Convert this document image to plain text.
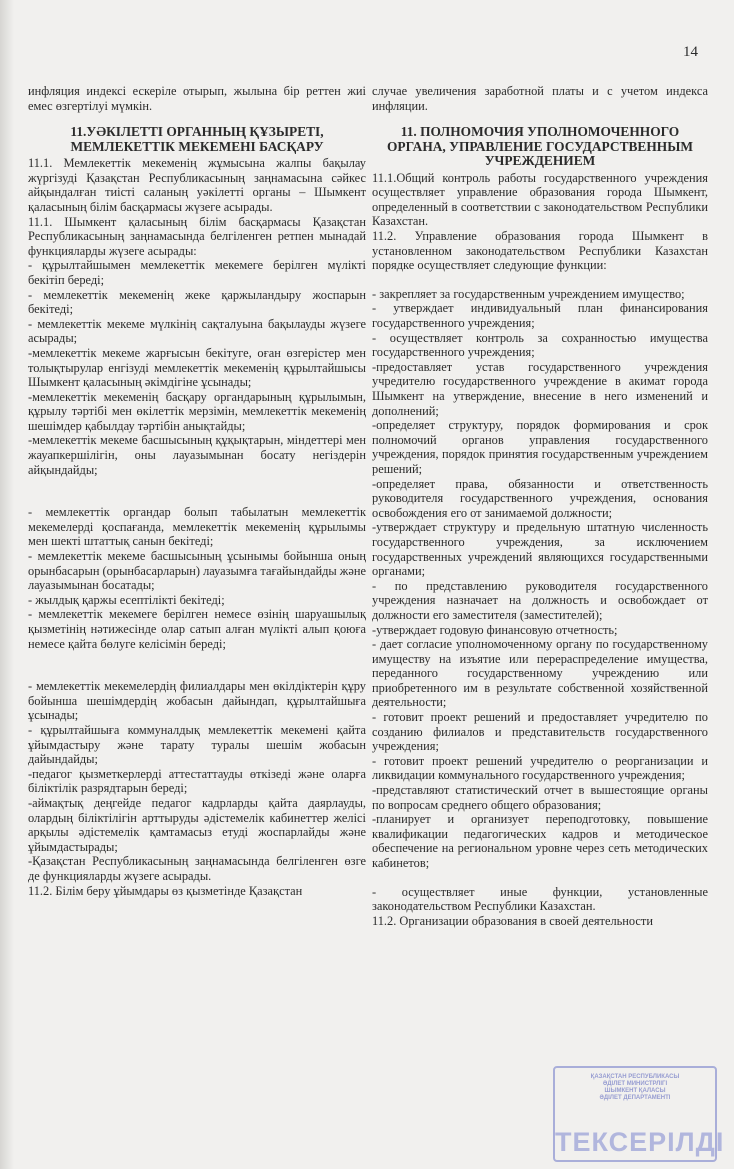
14

инфляция индексі ескеріле отырып, жылына бір реттен жиі емес өзгертілуі мүмкін.

11.УӘКІЛЕТТІ ОРГАННЫҢ ҚҰЗЫРЕТІ,
МЕМЛЕКЕТТІК МЕКЕМЕНІ БАСҚАРУ

11.1. Мемлекеттік мекеменің жұмысына жалпы бақылау жүргізуді Қазақстан Республикасының заңнамасына сәйкес айқындалған тиісті саланың уәкілетті органы – Шымкент қаласының білім басқармасы жүзеге асырады.

11.1. Шымкент қаласының білім басқармасы Қазақстан Республикасының заңнамасында белгіленген ретпен мынадай функцияларды жүзеге асырады:

- құрылтайшымен мемлекеттік мекемеге берілген мүлікті бекітіп береді;

- мемлекеттік мекеменің жеке қаржыландыру жоспарын бекітеді;

- мемлекеттік мекеме мүлкінің сақталуына бақылауды жүзеге асырады;

-мемлекеттік мекеме жарғысын бекітуге, оған өзгерістер мен толықтырулар енгізуді мемлекеттік мекеменің құрылтайшысы Шымкент қаласының әкімдігіне ұсынады;

-мемлекеттік мекеменің басқару органдарының құрылымын, құрылу тәртібі мен өкілеттік мерзімін, мемлекеттік мекеменің шешімдер қабылдау тәртібін анықтайды;

-мемлекеттік мекеме басшысының құқықтарын, міндеттері мен жауапкершілігін, оны лауазымынан босату негіздерін айқындайды;

- мемлекеттік органдар болып табылатын мемлекеттік мекемелерді қоспағанда, мемлекеттік мекеменің құрылымы мен шекті штаттық санын бекітеді;

- мемлекеттік мекеме басшысының ұсынымы бойынша оның орынбасарын (орынбасарларын) лауазымға тағайындайды және лауазымынан босатады;

- жылдық қаржы есептілікті бекітеді;

- мемлекеттік мекемеге берілген немесе өзінің шаруашылық қызметінің нәтижесінде олар сатып алған мүлікті алып қоюға немесе қайта бөлуге келісімін береді;

- мемлекеттік мекемелердің филиалдары мен өкілдіктерін құру бойынша шешімдердің жобасын дайындап, құрылтайшыға ұсынады;

- құрылтайшыға коммуналдық мемлекеттік мекемені қайта ұйымдастыру және тарату туралы шешім жобасын дайындайды;

-педагог қызметкерлерді аттестаттауды өткізеді және оларға біліктілік разрядтарын береді;

-аймақтық деңгейде педагог кадрларды қайта даярлауды, олардың біліктілігін арттыруды әдістемелік кабинеттер желісі арқылы әдістемелік қамтамасыз етуді жоспарлайды және ұйымдастырады;

-Қазақстан Республикасының заңнамасында белгіленген өзге де функцияларды жүзеге асырады.

11.2. Білім беру ұйымдары өз қызметінде Қазақстан

случае увеличения заработной платы и с учетом индекса инфляции.

11. ПОЛНОМОЧИЯ УПОЛНОМОЧЕННОГО
ОРГАНА, УПРАВЛЕНИЕ ГОСУДАРСТВЕННЫМ
УЧРЕЖДЕНИЕМ

11.1.Общий контроль работы государственного учреждения осуществляет управление образования города Шымкент, определенный в соответствии с законодательством Республики Казахстан.

11.2. Управление образования города Шымкент в установленном законодательством Республики Казахстан порядке осуществляет следующие функции:

- закрепляет за государственным учреждением имущество;

- утверждает индивидуальный план финансирования государственного учреждения;

- осуществляет контроль за сохранностью имущества государственного учреждения;

-предоставляет устав государственного учреждения учредителю государственного учреждение в акимат города Шымкент на утверждение, внесение в него изменений и дополнений;

-определяет структуру, порядок формирования и срок полномочий органов управления государственного учреждения, порядок принятия государственным учреждением решений;

-определяет права, обязанности и ответственность руководителя государственного учреждения, основания освобождения его от занимаемой должности;

-утверждает структуру и предельную штатную численность государственного учреждения, за исключением государственных учреждений являющихся государственными органами;

- по представлению руководителя государственного учреждения назначает на должность и освобождает от должности его заместителя (заместителей);

-утверждает годовую финансовую отчетность;

- дает согласие уполномоченному органу по государственному имуществу на изъятие или перераспределение имущества, переданного государственному учреждению или приобретенного им в результате собственной хозяйственной деятельности;

- готовит проект решений и предоставляет учредителю по созданию филиалов и представительств государственного учреждения;

- готовит проект решений учредителю о реорганизации и ликвидации коммунального государственного учреждения;

-представляют статистический отчет в вышестоящие органы по вопросам среднего общего образования;

-планирует и организует переподготовку, повышение квалификации педагогических кадров и методическое обеспечение на региональном уровне через сеть методических кабинетов;

- осуществляет иные функции, установленные законодательством Республики Казахстан.

11.2. Организации образования в своей деятельности

ҚАЗАҚСТАН РЕСПУБЛИКАСЫ
ӘДІЛЕТ МИНИСТРЛІГІ
ШЫМКЕНТ ҚАЛАСЫ
ӘДІЛЕТ ДЕПАРТАМЕНТІ
ТЕКСЕРІЛДІ
